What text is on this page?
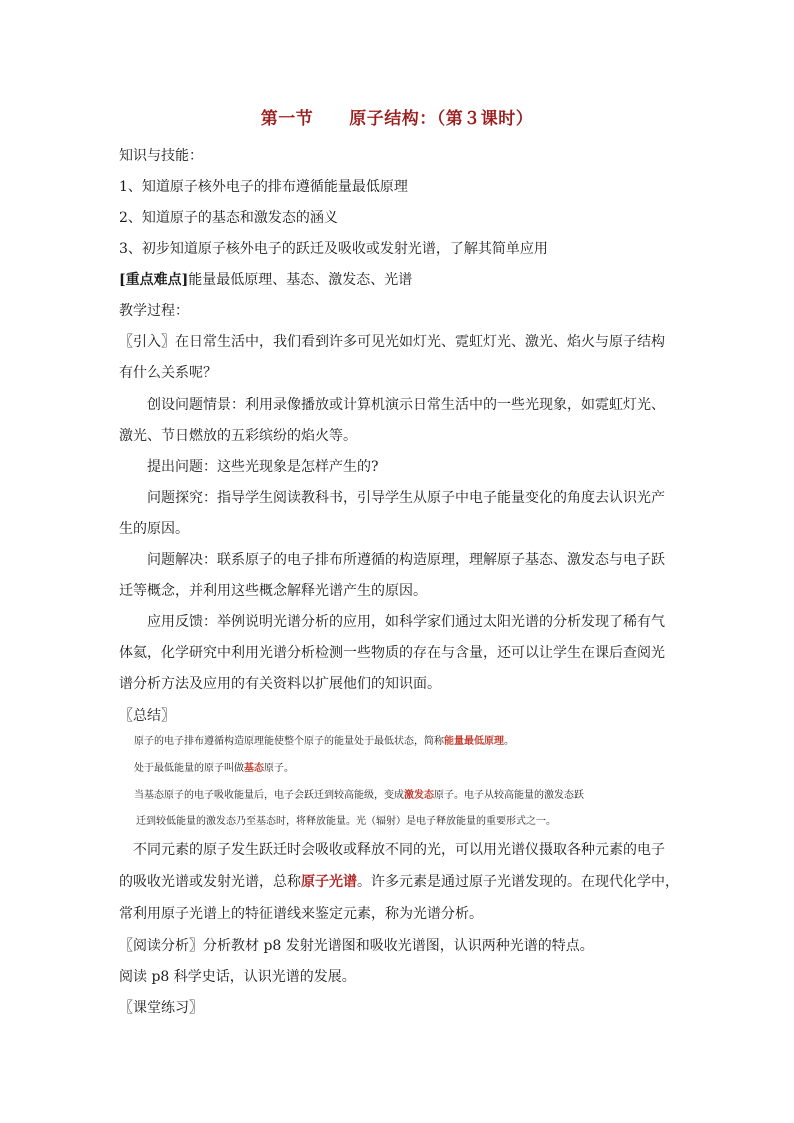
第一节 原子结构：（第３课时）
知识与技能：
1、知道原子核外电子的排布遵循能量最低原理
2、知道原子的基态和激发态的涵义
3、初步知道原子核外电子的跃迁及吸收或发射光谱，了解其简单应用
[重点难点]能量最低原理、基态、激发态、光谱
教学过程：
〖引入〗在日常生活中，我们看到许多可见光如灯光、霓虹灯光、激光、焰火与原子结构
有什么关系呢？
创设问题情景：利用录像播放或计算机演示日常生活中的一些光现象，如霓虹灯光、
激光、节日燃放的五彩缤纷的焰火等。
提出问题：这些光现象是怎样产生的?
问题探究：指导学生阅读教科书，引导学生从原子中电子能量变化的角度去认识光产
生的原因。
问题解决：联系原子的电子排布所遵循的构造原理，理解原子基态、激发态与电子跃
迁等概念，并利用这些概念解释光谱产生的原因。
应用反馈：举例说明光谱分析的应用，如科学家们通过太阳光谱的分析发现了稀有气
体氦，化学研究中利用光谱分析检测一些物质的存在与含量，还可以让学生在课后查阅光
谱分析方法及应用的有关资料以扩展他们的知识面。
〖总结〗
原子的电子排布遵循构造原理能使整个原子的能量处于最低状态，简称能量最低原理。
处于最低能量的原子叫做基态原子。
当基态原子的电子吸收能量后，电子会跃迁到较高能级，变成激发态原子。电子从较高能量的激发态跃
迁到较低能量的激发态乃至基态时，将释放能量。光（辐射）是电子释放能量的重要形式之一。
不同元素的原子发生跃迁时会吸收或释放不同的光，可以用光谱仪摄取各种元素的电子
的吸收光谱或发射光谱，总称原子光谱。许多元素是通过原子光谱发现的。在现代化学中，
常利用原子光谱上的特征谱线来鉴定元素，称为光谱分析。
〖阅读分析〗分析教材 p8 发射光谱图和吸收光谱图，认识两种光谱的特点。
阅读 p8 科学史话，认识光谱的发展。
〖课堂练习〗
